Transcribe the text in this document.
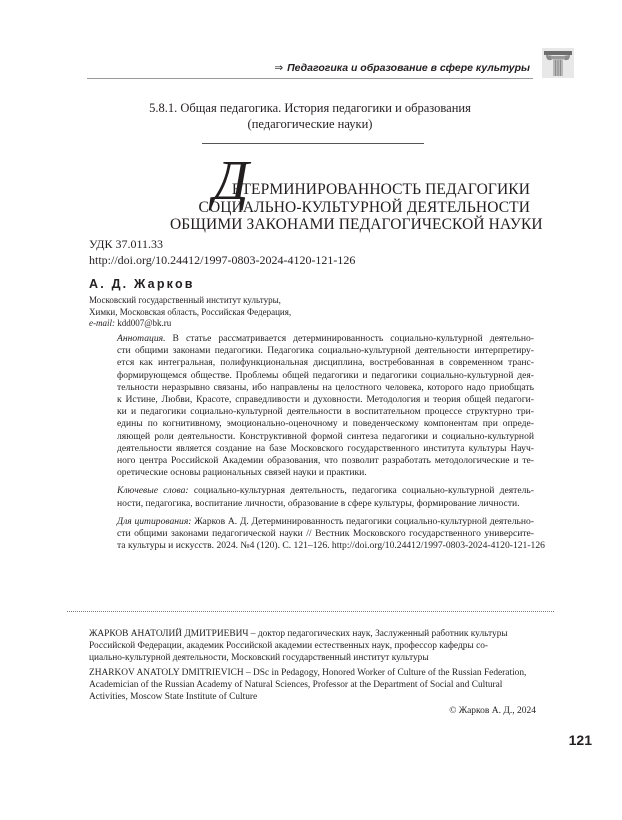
⇒ Педагогика и образование в сфере культуры
5.8.1. Общая педагогика. История педагогики и образования
(педагогические науки)
Д
ЕТЕРМИНИРОВАННОСТЬ ПЕДАГОГИКИ
СОЦИАЛЬНО-КУЛЬТУРНОЙ ДЕЯТЕЛЬНОСТИ
ОБЩИМИ ЗАКОНАМИ ПЕДАГОГИЧЕСКОЙ НАУКИ
УДК 37.011.33
http://doi.org/10.24412/1997-0803-2024-4120-121-126
А. Д. Жарков
Московский государственный институт культуры,
Химки, Московская область, Российская Федерация,
e-mail: kdd007@bk.ru

Аннотация. В статье рассматривается детерминированность социально-культурной деятельно-
сти общими законами педагогики. Педагогика социально-культурной деятельности интерпретиру-
ется как интегральная, полифункциональная дисциплина, востребованная в современном транс-
формирующемся обществе. Проблемы общей педагогики и педагогики социально-культурной дея-
тельности неразрывно связаны, ибо направлены на целостного человека, которого надо приобщать
к Истине, Любви, Красоте, справедливости и духовности. Методология и теория общей педагоги-
ки и педагогики социально-культурной деятельности в воспитательном процессе структурно три-
едины по когнитивному, эмоционально-оценочному и поведенческому компонентам при опреде-
ляющей роли деятельности. Конструктивной формой синтеза педагогики и социально-культурной
деятельности является создание на базе Московского государственного института культуры Науч-
ного центра Российской Академии образования, что позволит разработать методологические и те-
оретические основы рациональных связей науки и практики.

Ключевые слова: социально-культурная деятельность, педагогика социально-культурной деятель-
ности, педагогика, воспитание личности, образование в сфере культуры, формирование личности.

Для цитирования: Жарков А. Д. Детерминированность педагогики социально-культурной деятельно-
сти общими законами педагогической науки // Вестник Московского государственного университе-
та культуры и искусств. 2024. №4 (120). С. 121–126. http://doi.org/10.24412/1997-0803-2024-4120-121-126

ЖАРКОВ АНАТОЛИЙ ДМИТРИЕВИЧ – доктор педагогических наук, Заслуженный работник культуры
Российской Федерации, академик Российской академии естественных наук, профессор кафедры со-
циально-культурной деятельности, Московский государственный институт культуры

ZHARKOV ANATOLY DMITRIEVICH – DSc in Pedagogy, Honored Worker of Culture of the Russian Federation,
Academician of the Russian Academy of Natural Sciences, Professor at the Department of Social and Cultural
Activities, Moscow State Institute of Culture

© Жарков А. Д., 2024
121
